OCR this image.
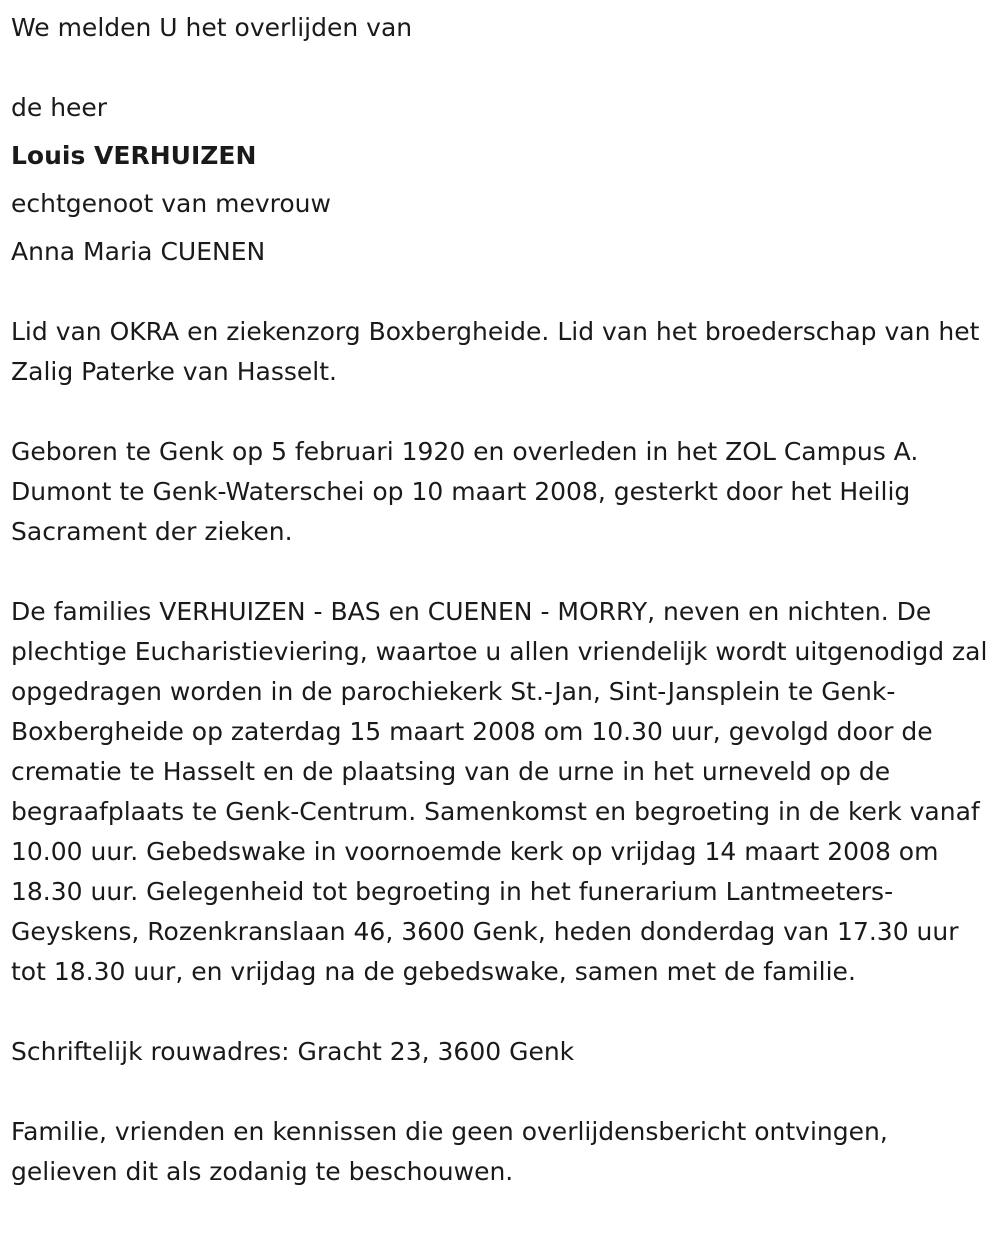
We melden U het overlijden van

de heer

Louis VERHUIZEN

echtgenoot van mevrouw

Anna Maria CUENEN

Lid van OKRA en ziekenzorg Boxbergheide. Lid van het broederschap van het Zalig Paterke van Hasselt.

Geboren te Genk op 5 februari 1920 en overleden in het ZOL Campus A. Dumont te Genk-Waterschei op 10 maart 2008, gesterkt door het Heilig Sacrament der zieken.

De families VERHUIZEN - BAS en CUENEN - MORRY, neven en nichten. De plechtige Eucharistieviering, waartoe u allen vriendelijk wordt uitgenodigd zal opgedragen worden in de parochiekerk St.-Jan, Sint-Jansplein te Genk-Boxbergheide op zaterdag 15 maart 2008 om 10.30 uur, gevolgd door de crematie te Hasselt en de plaatsing van de urne in het urneveld op de begraafplaats te Genk-Centrum. Samenkomst en begroeting in de kerk vanaf 10.00 uur. Gebedswake in voornoemde kerk op vrijdag 14 maart 2008 om 18.30 uur. Gelegenheid tot begroeting in het funerarium Lantmeeters-Geyskens, Rozenkranslaan 46, 3600 Genk, heden donderdag van 17.30 uur tot 18.30 uur, en vrijdag na de gebedswake, samen met de familie.

Schriftelijk rouwadres: Gracht 23, 3600 Genk

Familie, vrienden en kennissen die geen overlijdensbericht ontvingen, gelieven dit als zodanig te beschouwen.
